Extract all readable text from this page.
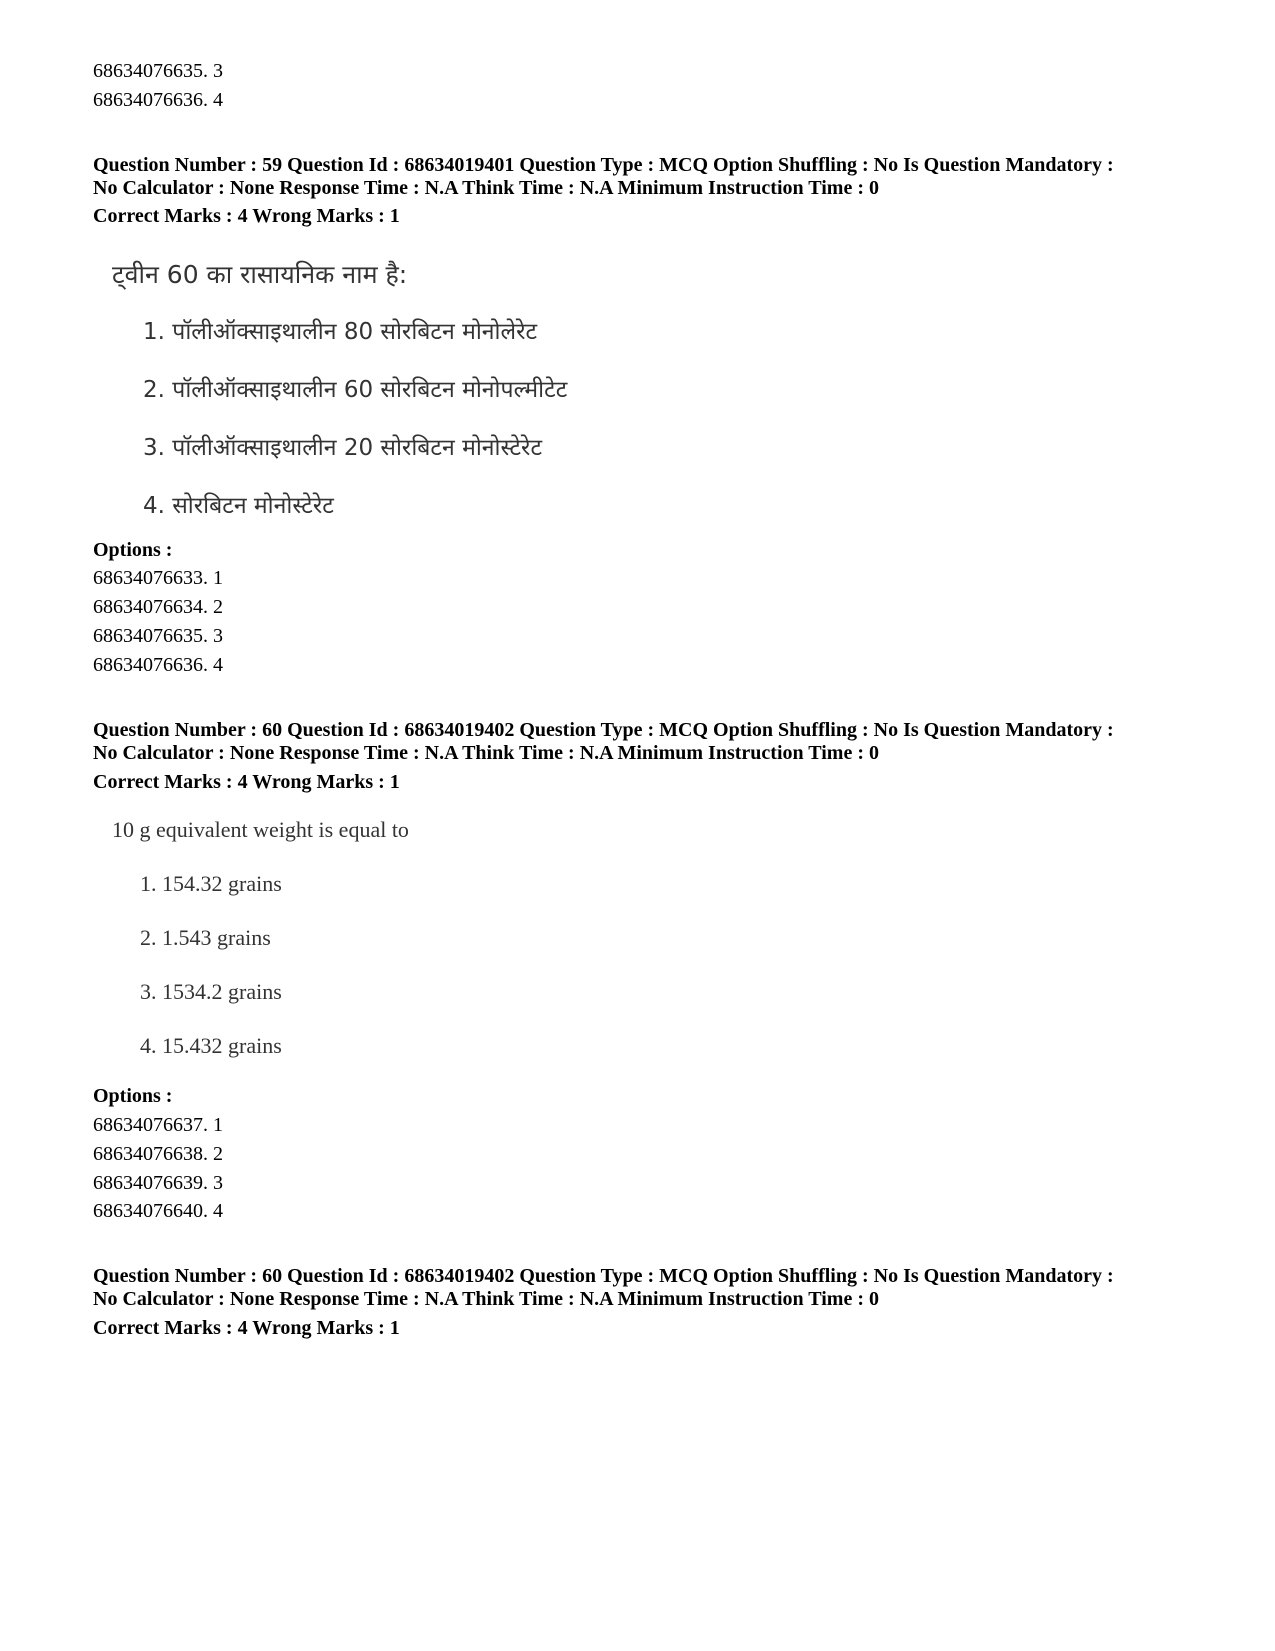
68634076635. 3
68634076636. 4
Question Number : 59 Question Id : 68634019401 Question Type : MCQ Option Shuffling : No Is Question Mandatory :
No Calculator : None Response Time : N.A Think Time : N.A Minimum Instruction Time : 0
Correct Marks : 4 Wrong Marks : 1
ट्वीन 60 का रासायनिक नाम है:
1. पॉलीऑक्साइथालीन 80 सोरबिटन मोनोलेरेट
2. पॉलीऑक्साइथालीन 60 सोरबिटन मोनोपल्मीटेट
3. पॉलीऑक्साइथालीन 20 सोरबिटन मोनोस्टेरेट
4. सोरबिटन मोनोस्टेरेट
Options :
68634076633. 1
68634076634. 2
68634076635. 3
68634076636. 4
Question Number : 60 Question Id : 68634019402 Question Type : MCQ Option Shuffling : No Is Question Mandatory :
No Calculator : None Response Time : N.A Think Time : N.A Minimum Instruction Time : 0
Correct Marks : 4 Wrong Marks : 1
10 g equivalent weight is equal to
1. 154.32 grains
2. 1.543 grains
3. 1534.2 grains
4. 15.432 grains
Options :
68634076637. 1
68634076638. 2
68634076639. 3
68634076640. 4
Question Number : 60 Question Id : 68634019402 Question Type : MCQ Option Shuffling : No Is Question Mandatory :
No Calculator : None Response Time : N.A Think Time : N.A Minimum Instruction Time : 0
Correct Marks : 4 Wrong Marks : 1
